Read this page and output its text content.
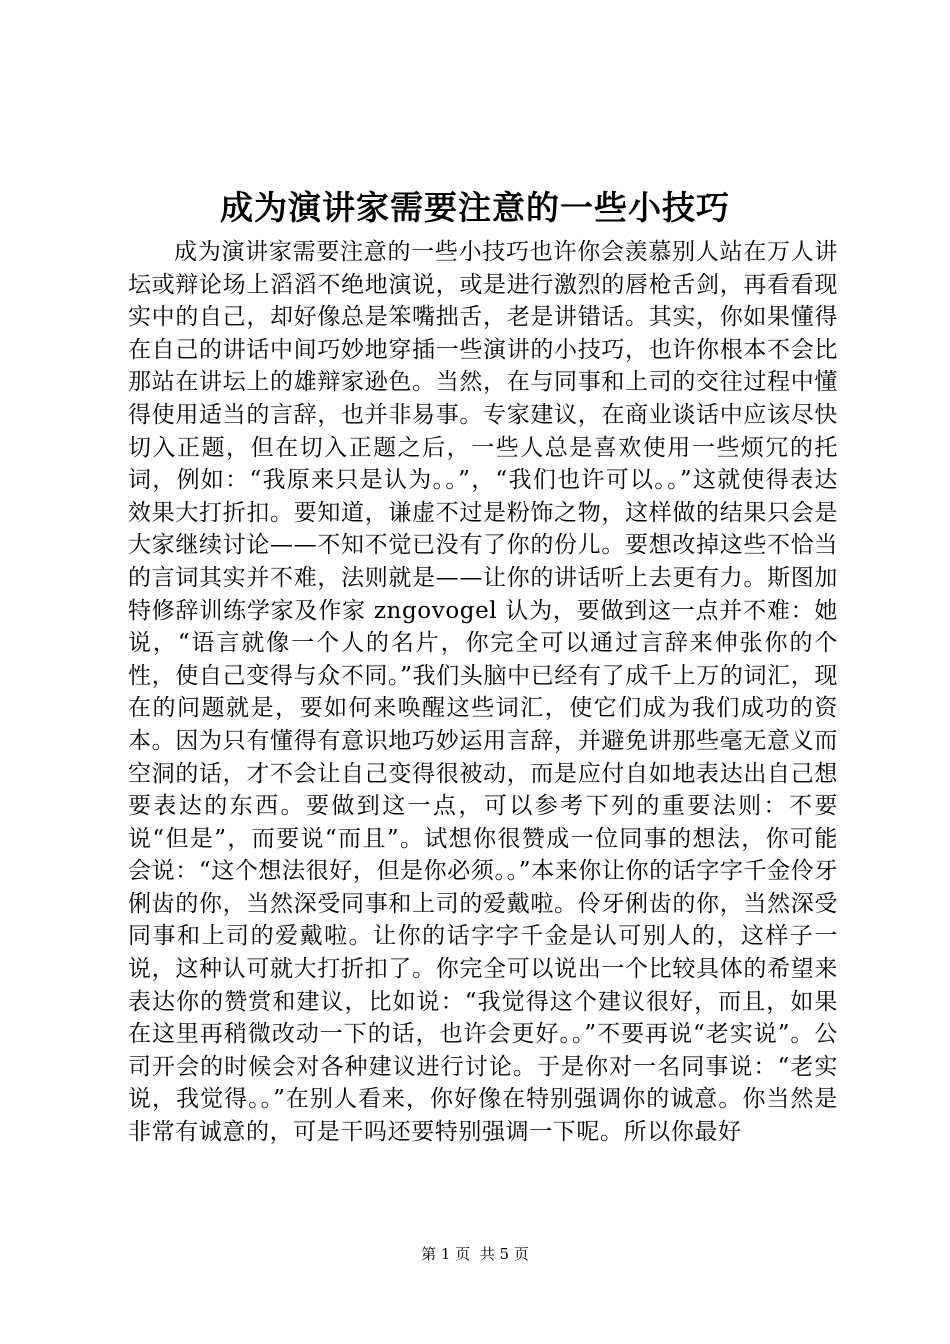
成为演讲家需要注意的一些小技巧

成为演讲家需要注意的一些小技巧也许你会羡慕别人站在万人讲坛或辩论场上滔滔不绝地演说，或是进行激烈的唇枪舌剑，再看看现实中的自己，却好像总是笨嘴拙舌，老是讲错话。其实，你如果懂得在自己的讲话中间巧妙地穿插一些演讲的小技巧，也许你根本不会比那站在讲坛上的雄辩家逊色。当然，在与同事和上司的交往过程中懂得使用适当的言辞，也并非易事。专家建议，在商业谈话中应该尽快切入正题，但在切入正题之后，一些人总是喜欢使用一些烦冗的托词，例如：“我原来只是认为。。”，“我们也许可以。。”这就使得表达效果大打折扣。要知道，谦虚不过是粉饰之物，这样做的结果只会是大家继续讨论——不知不觉已没有了你的份儿。要想改掉这些不恰当的言词其实并不难，法则就是——让你的讲话听上去更有力。斯图加特修辞训练学家及作家 zngovogel 认为，要做到这一点并不难：她说，“语言就像一个人的名片，你完全可以通过言辞来伸张你的个性，使自己变得与众不同。”我们头脑中已经有了成千上万的词汇，现在的问题就是，要如何来唤醒这些词汇，使它们成为我们成功的资本。因为只有懂得有意识地巧妙运用言辞，并避免讲那些毫无意义而空洞的话，才不会让自己变得很被动，而是应付自如地表达出自己想要表达的东西。要做到这一点，可以参考下列的重要法则：不要说“但是”，而要说“而且”。试想你很赞成一位同事的想法，你可能会说：“这个想法很好，但是你必须。。”本来你让你的话字字千金伶牙俐齿的你，当然深受同事和上司的爱戴啦。伶牙俐齿的你，当然深受同事和上司的爱戴啦。让你的话字字千金是认可别人的，这样子一说，这种认可就大打折扣了。你完全可以说出一个比较具体的希望来表达你的赞赏和建议，比如说：“我觉得这个建议很好，而且，如果在这里再稍微改动一下的话，也许会更好。。”不要再说“老实说”。公司开会的时候会对各种建议进行讨论。于是你对一名同事说：“老实说，我觉得。。”在别人看来，你好像在特别强调你的诚意。你当然是非常有诚意的，可是干吗还要特别强调一下呢。所以你最好

第 1 页  共 5 页
